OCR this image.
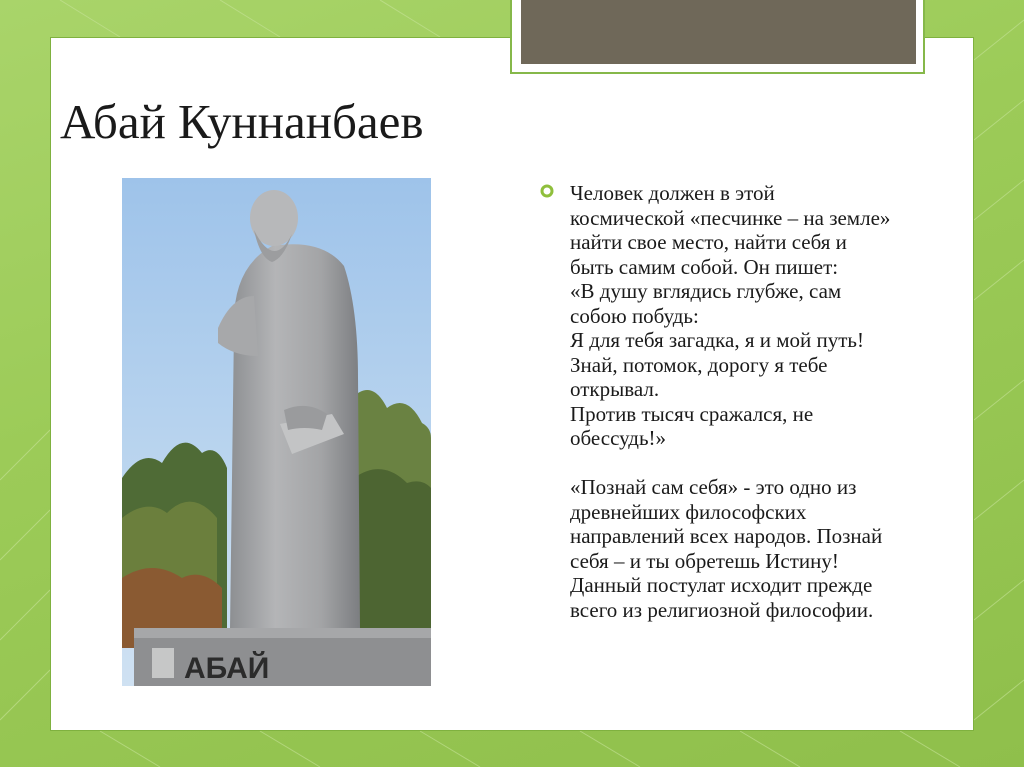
Абай Куннанбаев
АБАЙ
Человек должен в этой
космической «песчинке – на земле»
найти свое место, найти себя и
быть самим собой. Он пишет:
«В душу вглядись глубже, сам
собою побудь:
Я для тебя загадка, я и мой путь!
Знай, потомок, дорогу я тебе
открывал.
Против тысяч сражался, не
обессудь!»
«Познай сам себя» - это одно из
древнейших философских
направлений всех народов. Познай
себя – и ты обретешь Истину!
Данный постулат исходит прежде
всего из религиозной философии.
